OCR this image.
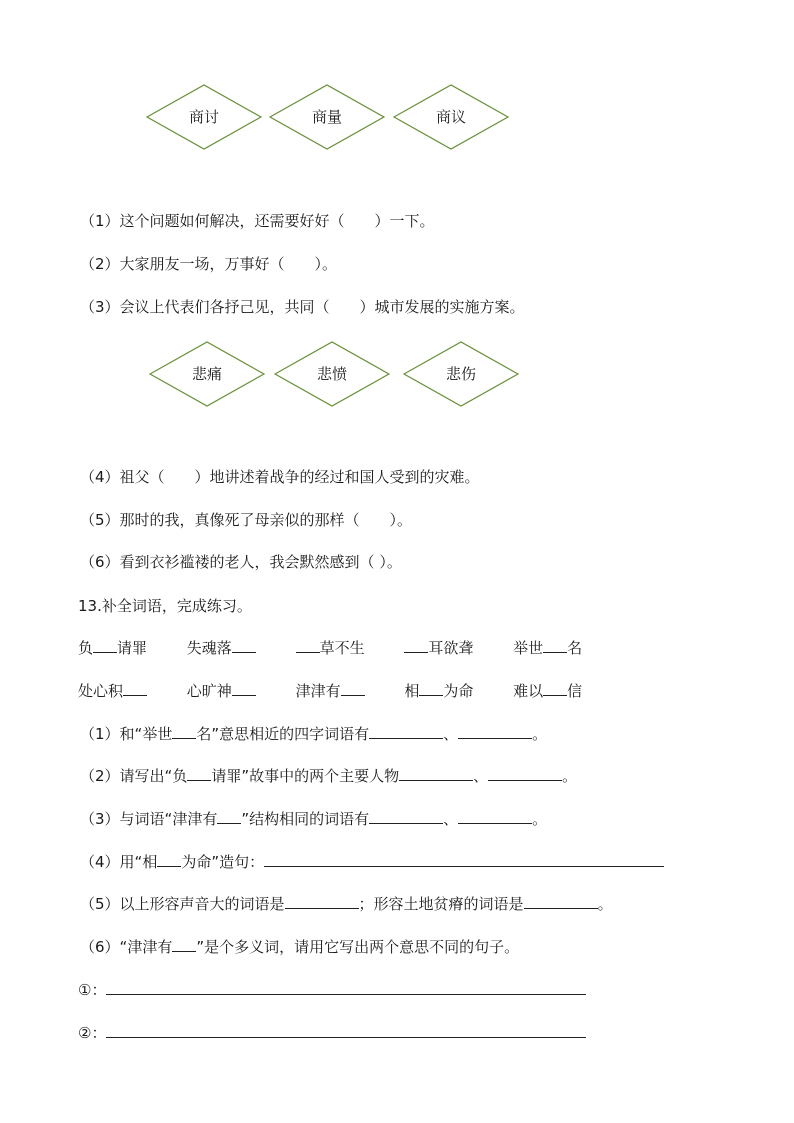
商讨	商量	商议
（1）这个问题如何解决，还需要好好（　　）一下。
（2）大家朋友一场，万事好（　　）。
（3）会议上代表们各抒己见，共同（　　）城市发展的实施方案。
悲痛	悲愤	悲伤
（4）祖父（　　）地讲述着战争的经过和国人受到的灾难。
（5）那时的我，真像死了母亲似的那样（　　）。
（6）看到衣衫褴褛的老人，我会默然感到（ ）。
13.补全词语，完成练习。
负 请罪	失魂落	草不生	耳欲聋	举世 名
处心积	心旷神	津津有	相 为命	难以 信
（1）和“举世 名”意思相近的四字词语有	、	。
（2）请写出“负 请罪”故事中的两个主要人物	、	。
（3）与词语“津津有 ”结构相同的词语有	、	。
（4）用“相 为命”造句：
（5）以上形容声音大的词语是	；形容土地贫瘠的词语是	。
（6）“津津有 ”是个多义词，请用它写出两个意思不同的句子。
①：
②：
